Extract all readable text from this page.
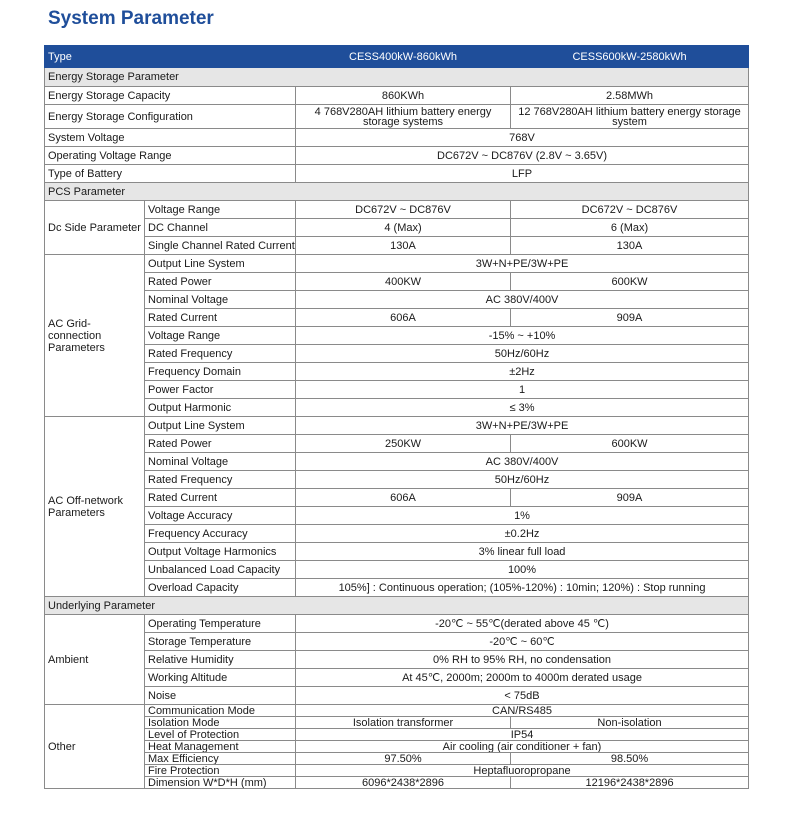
System Parameter
Type		CESS400kW-860kWh	CESS600kW-2580kWh
Energy Storage Parameter			
Energy Storage Capacity		860KWh	2.58MWh
Energy Storage Configuration		4 768V280AH lithium battery energy storage systems	12 768V280AH lithium battery energy storage system
System Voltage		768V	
Operating Voltage Range		DC672V ~ DC876V (2.8V ~ 3.65V)	
Type of Battery		LFP	
PCS Parameter			
Dc Side Parameter	Voltage Range	DC672V ~ DC876V	DC672V ~ DC876V
	DC Channel	4 (Max)	6 (Max)
	Single Channel Rated Current	130A	130A
AC Grid-connection Parameters	Output Line System	3W+N+PE/3W+PE	
	Rated Power	400KW	600KW
	Nominal Voltage	AC 380V/400V	
	Rated Current	606A	909A
	Voltage Range	-15% ~ +10%	
	Rated Frequency	50Hz/60Hz	
	Frequency Domain	±2Hz	
	Power Factor	1	
	Output Harmonic	≤ 3%	
AC Off-network Parameters	Output Line System	3W+N+PE/3W+PE	
	Rated Power	250KW	600KW
	Nominal Voltage	AC 380V/400V	
	Rated Frequency	50Hz/60Hz	
	Rated Current	606A	909A
	Voltage Accuracy	1%	
	Frequency Accuracy	±0.2Hz	
	Output Voltage Harmonics	3% linear full load	
	Unbalanced Load Capacity	100%	
	Overload Capacity	105%] : Continuous operation; (105%-120%) : 10min; 120%) : Stop running	
Underlying Parameter			
Ambient	Operating Temperature	-20℃ ~ 55℃(derated above 45 ℃)	
	Storage Temperature	-20℃ ~ 60℃	
	Relative Humidity	0% RH to 95% RH, no condensation	
	Working Altitude	At 45℃, 2000m; 2000m to 4000m derated usage	
	Noise	< 75dB	
Other	Communication Mode	CAN/RS485	
	Isolation Mode	Isolation transformer	Non-isolation
	Level of Protection	IP54	
	Heat Management	Air cooling (air conditioner + fan)	
	Max Efficiency	97.50%	98.50%
	Fire Protection	Heptafluoropropane	
	Dimension W*D*H (mm)	6096*2438*2896	12196*2438*2896
